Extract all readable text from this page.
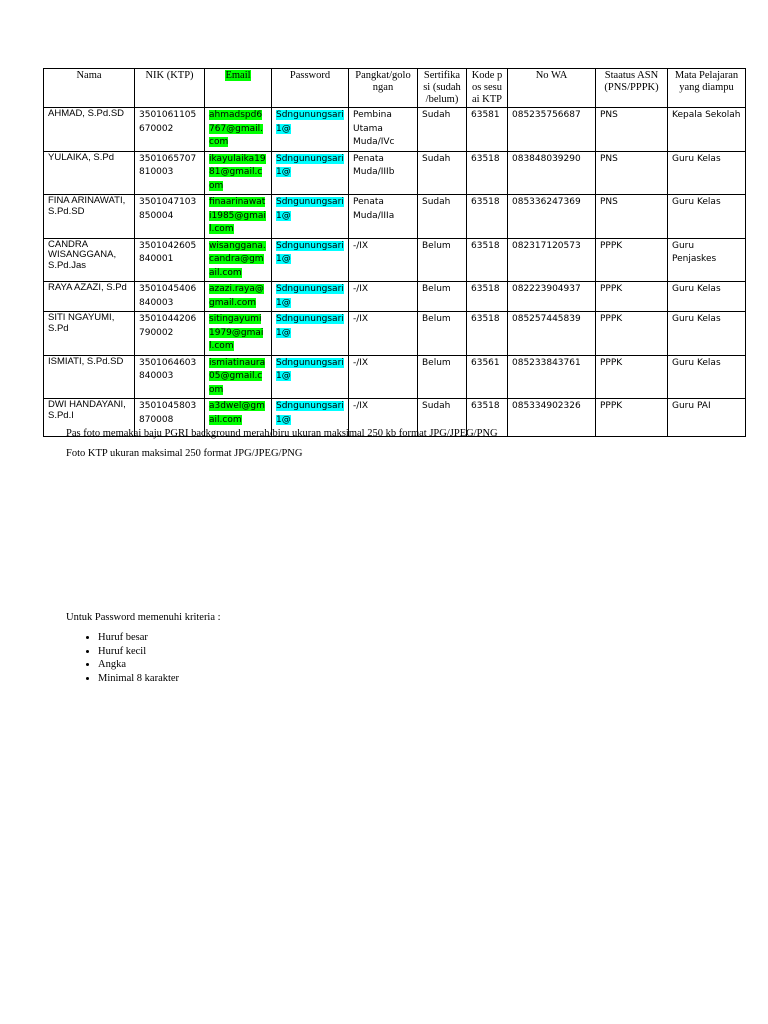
Nama	NIK (KTP)	Email	Password	Pangkat/golo ngan	Sertifika si (sudah /belum)	Kode p os sesu ai KTP	No WA	Staatus ASN (PNS/PPPK)	Mata Pelajaran yang diampu
AHMAD, S.Pd.SD	3501061105670002	ahmadspd6767@gmail.com	Sdngunungsari1@	Pembina Utama Muda/IVc	Sudah	63581	085235756687	PNS	Kepala Sekolah
YULAIKA, S.Pd	3501065707810003	ikayulaika1981@gmail.com	Sdngunungsari1@	Penata Muda/IIIb	Sudah	63518	083848039290	PNS	Guru Kelas
FINA ARINAWATI, S.Pd.SD	3501047103850004	finaarinawati1985@gmail.com	Sdngunungsari1@	Penata Muda/IIIa	Sudah	63518	085336247369	PNS	Guru Kelas
CANDRA WISANGGANA, S.Pd.Jas	3501042605840001	wisanggana.candra@gmail.com	Sdngunungsari1@	-/IX	Belum	63518	082317120573	PPPK	Guru Penjaskes
RAYA AZAZI, S.Pd	3501045406840003	azazi.raya@gmail.com	Sdngunungsari1@	-/IX	Belum	63518	082223904937	PPPK	Guru Kelas
SITI NGAYUMI, S.Pd	3501044206790002	sitingayumi1979@gmail.com	Sdngunungsari1@	-/IX	Belum	63518	085257445839	PPPK	Guru Kelas
ISMIATI, S.Pd.SD	3501064603840003	ismiatinaura05@gmail.com	Sdngunungsari1@	-/IX	Belum	63561	085233843761	PPPK	Guru Kelas
DWI HANDAYANI, S.Pd.I	3501045803870008	a3dwel@gmail.com	Sdngunungsari1@	-/IX	Sudah	63518	085334902326	PPPK	Guru PAI
Pas foto memakai baju PGRI background merah/biru ukuran maksimal 250 kb format JPG/JPEG/PNG
Foto KTP ukuran maksimal 250 format JPG/JPEG/PNG
Untuk Password memenuhi kriteria :
• Huruf besar
• Huruf kecil
• Angka
• Minimal 8 karakter
